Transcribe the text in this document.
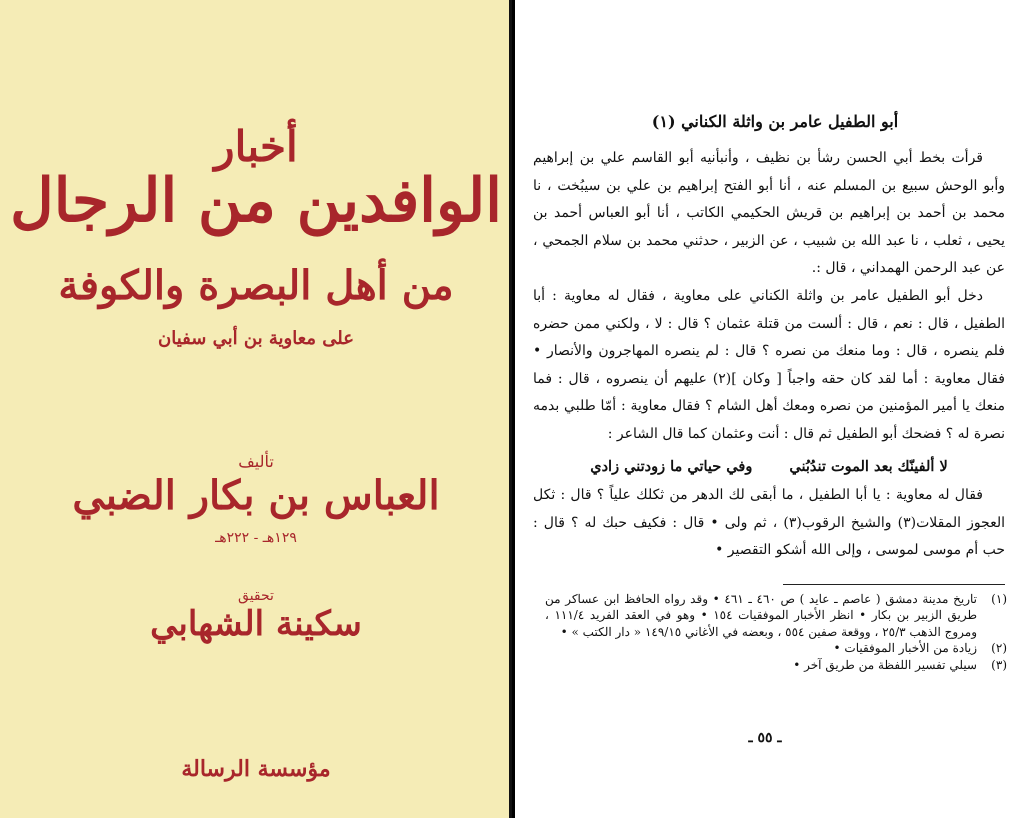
أخبار
الوافدين من الرجال
من أهل البصرة والكوفة
على معاوية بن أبي سفيان
تأليف
العباس بن بكار الضبي
١٢٩هـ - ٢٢٢هـ
تحقيق
سكينة الشهابي
مؤسسة الرسالة
أبو الطفيل عامر بن واثلة الكناني (١)

قرأت بخط أبي الحسن رشأ بن نظيف ، وأنبأنيه أبو القاسم علي بن إبراهيم وأبو الوحش سبيع بن المسلم عنه ، أنا أبو الفتح إبراهيم بن علي بن سيبُخت ، نا محمد بن أحمد بن إبراهيم بن قريش الحكيمي الكاتب ، أنا أبو العباس أحمد بن يحيى ، ثعلب ، نا عبد الله بن شبيب ، عن الزبير ، حدثني محمد بن سلام الجمحي ، عن عبد الرحمن الهمداني ، قال :.

دخل أبو الطفيل عامر بن واثلة الكناني على معاوية ، فقال له معاوية : أبا الطفيل ، قال : نعم ، قال : ألست من قتلة عثمان ؟ قال : لا ، ولكني ممن حضره فلم ينصره ، قال : وما منعك من نصره ؟ قال : لم ينصره المهاجرون والأنصار • فقال معاوية : أما لقد كان حقه واجباً [ وكان ](٢) عليهم أن ينصروه ، قال : فما منعك يا أمير المؤمنين من نصره ومعك أهل الشام ؟ فقال معاوية : أمّا طلبي بدمه نصرة له ؟ فضحك أبو الطفيل ثم قال : أنت وعثمان كما قال الشاعر :

لا ألفينّك بعد الموت تندُبُني وفي حياتي ما زودتني زادي

فقال له معاوية : يا أبا الطفيل ، ما أبقى لك الدهر من ثكلك علياً ؟ قال : ثكل العجوز المقلات(٣) والشيخ الرقوب(٣) ، ثم ولى • قال : فكيف حبك له ؟ قال : حب أم موسى لموسى ، وإلى الله أشكو التقصير •

(١)
تاريخ مدينة دمشق ( عاصم ـ عايد ) ص ٤٦٠ ـ ٤٦١ • وقد رواه الحافظ ابن عساكر من طريق الزبير بن بكار • انظر الأخبار الموفقيات ١٥٤ • وهو في العقد الفريد ١١١/٤ ، ومروج الذهب ٢٥/٣ ، ووقعة صفين ٥٥٤ ، وبعضه في الأغاني ١٤٩/١٥ « دار الكتب » •
(٢)
زيادة من الأخبار الموفقيات •
(٣)
سيلي تفسير اللفظة من طريق آخر •
ـ ٥٥ ـ
